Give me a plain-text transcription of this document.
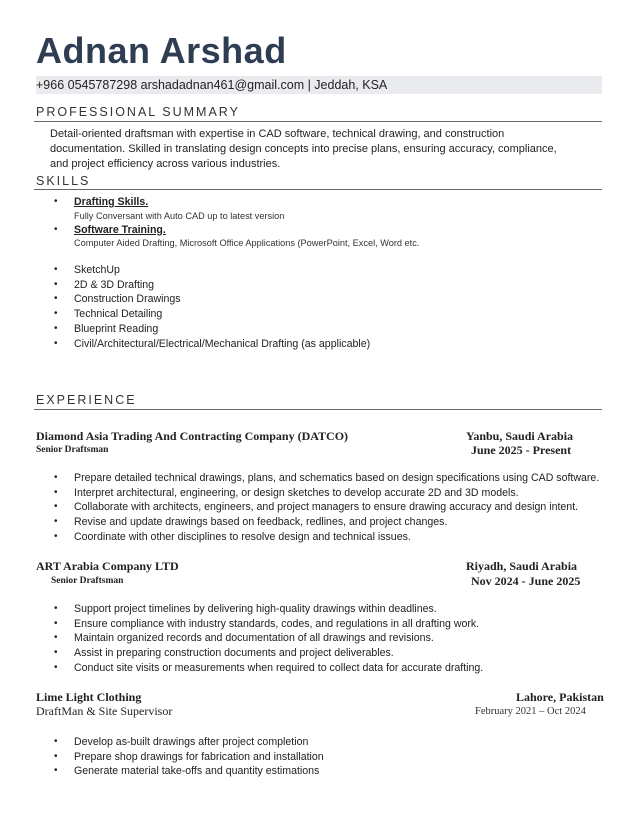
Adnan Arshad
+966 0545787298 arshadadnan461@gmail.com | Jeddah, KSA
PROFESSIONAL SUMMARY
Detail-oriented draftsman with expertise in CAD software, technical drawing, and construction
documentation. Skilled in translating design concepts into precise plans, ensuring accuracy, compliance,
and project efficiency across various industries.
SKILLS
• Drafting Skills.
Fully Conversant with Auto CAD up to latest version
• Software Training.
Computer Aided Drafting, Microsoft Office Applications (PowerPoint, Excel, Word etc.
• SketchUp
• 2D & 3D Drafting
• Construction Drawings
• Technical Detailing
• Blueprint Reading
• Civil/Architectural/Electrical/Mechanical Drafting (as applicable)
EXPERIENCE
Diamond Asia Trading And Contracting Company (DATCO)
Senior Draftsman
Yanbu, Saudi Arabia
June 2025 - Present
• Prepare detailed technical drawings, plans, and schematics based on design specifications using CAD software.
• Interpret architectural, engineering, or design sketches to develop accurate 2D and 3D models.
• Collaborate with architects, engineers, and project managers to ensure drawing accuracy and design intent.
• Revise and update drawings based on feedback, redlines, and project changes.
• Coordinate with other disciplines to resolve design and technical issues.
ART Arabia Company LTD
Senior Draftsman
Riyadh, Saudi Arabia
Nov 2024 - June 2025
• Support project timelines by delivering high-quality drawings within deadlines.
• Ensure compliance with industry standards, codes, and regulations in all drafting work.
• Maintain organized records and documentation of all drawings and revisions.
• Assist in preparing construction documents and project deliverables.
• Conduct site visits or measurements when required to collect data for accurate drafting.
Lime Light Clothing
DraftMan & Site Supervisor
Lahore, Pakistan
February 2021 – Oct 2024
• Develop as-built drawings after project completion
• Prepare shop drawings for fabrication and installation
• Generate material take-offs and quantity estimations
